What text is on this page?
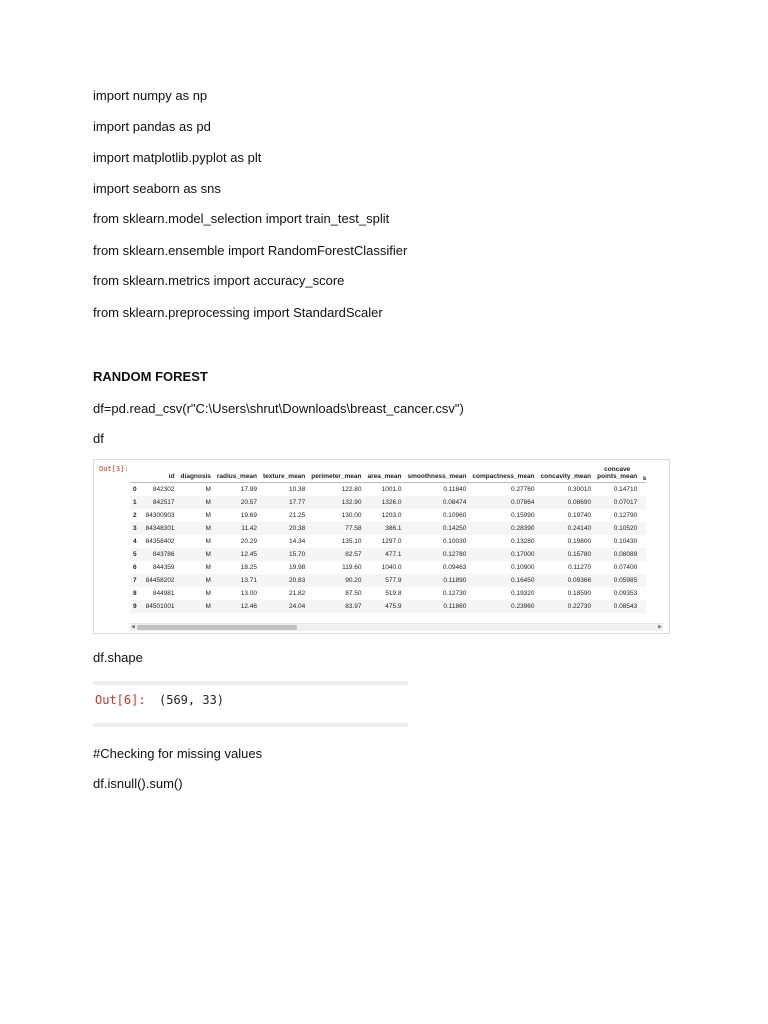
import numpy as np
import pandas as pd
import matplotlib.pyplot as plt
import seaborn as sns
from sklearn.model_selection import train_test_split
from sklearn.ensemble import RandomForestClassifier
from sklearn.metrics import accuracy_score
from sklearn.preprocessing import StandardScaler
RANDOM FOREST
df=pd.read_csv(r"C:\Users\shrut\Downloads\breast_cancer.csv")
df
Out[3]:
	id	diagnosis	radius_mean	texture_mean	perimeter_mean	area_mean	smoothness_mean	compactness_mean	concavity_mean	concave points_mean	s
0	842302	M	17.99	10.38	122.80	1001.0	0.11840	0.27760	0.30010	0.14710	
1	842517	M	20.57	17.77	132.90	1326.0	0.08474	0.07864	0.08690	0.07017	
2	84300903	M	19.69	21.25	130.00	1203.0	0.10960	0.15990	0.19740	0.12790	
3	84348301	M	11.42	20.38	77.58	386.1	0.14250	0.28390	0.24140	0.10520	
4	84358402	M	20.29	14.34	135.10	1297.0	0.10030	0.13280	0.19800	0.10430	
5	843786	M	12.45	15.70	82.57	477.1	0.12780	0.17000	0.15780	0.08089	
6	844359	M	18.25	19.98	119.60	1040.0	0.09463	0.10900	0.11270	0.07400	
7	84458202	M	13.71	20.83	90.20	577.9	0.11890	0.16450	0.09366	0.05985	
8	844981	M	13.00	21.82	87.50	519.8	0.12730	0.19320	0.18590	0.09353	
9	84501001	M	12.46	24.04	83.97	475.9	0.11860	0.23960	0.22730	0.08543	
◀	▶
df.shape
Out[6]: (569, 33)
#Checking for missing values
df.isnull().sum()
